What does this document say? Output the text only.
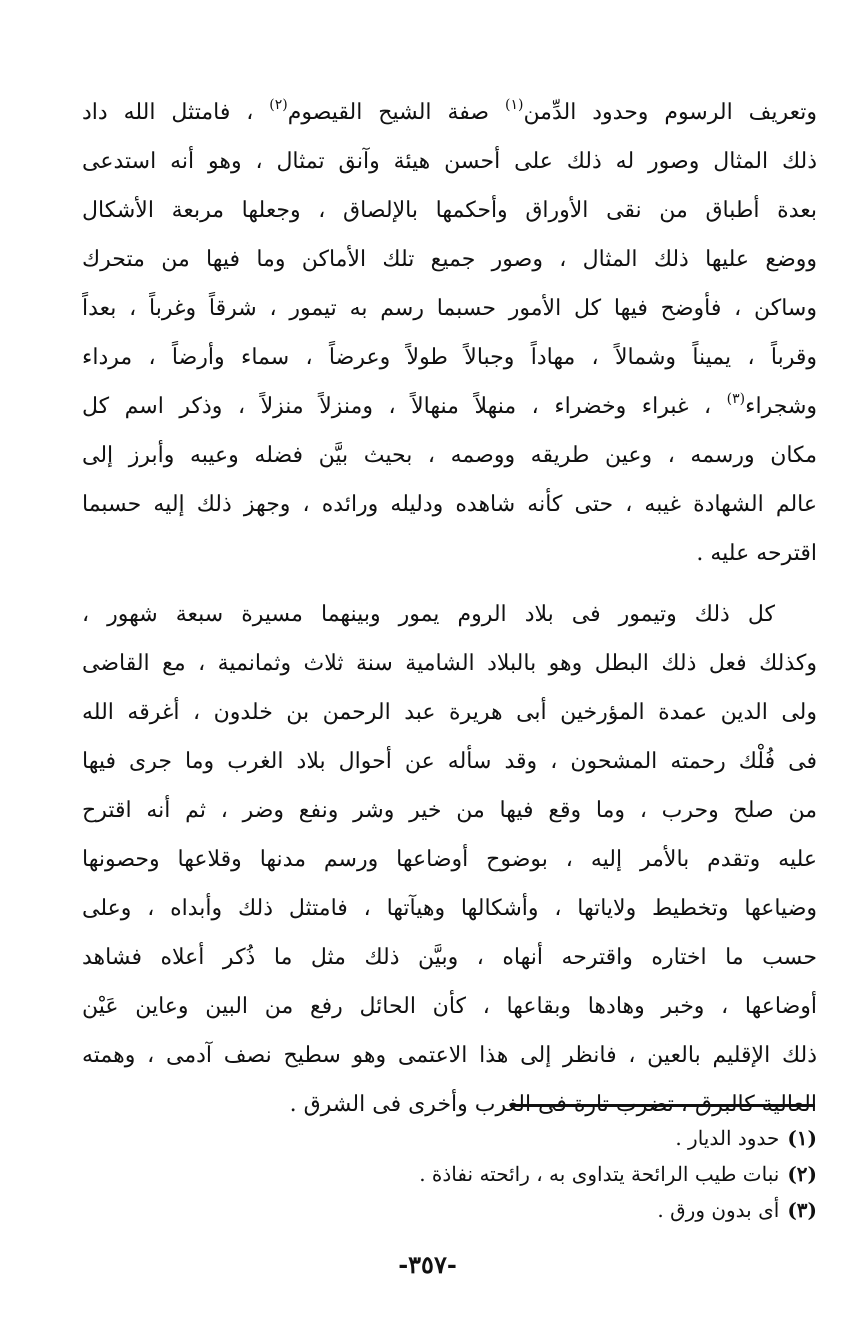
وتعريف الرسوم وحدود الدِّمن$^{(١)}$ صفة الشيح القيصوم$^{(٢)}$ ، فامتثل الله داد
ذلك المثال وصور له ذلك على أحسن هيئة وآنق تمثال ، وهو أنه استدعى
بعدة أطباق من نقى الأوراق وأحكمها بالإلصاق ، وجعلها مربعة الأشكال
ووضع عليها ذلك المثال ، وصور جميع تلك الأماكن وما فيها من متحرك
وساكن ، فأوضح فيها كل الأمور حسبما رسم به تيمور ، شرقاً وغرباً ، بعداً
وقرباً ، يميناً وشمالاً ، مهاداً وجبالاً طولاً وعرضاً ، سماء وأرضاً ، مرداء
وشجراء$^{(٣)}$ ، غبراء وخضراء ، منهلاً منهالاً ، ومنزلاً منزلاً ، وذكر اسم كل
مكان ورسمه ، وعين طريقه ووصمه ، بحيث بيَّن فضله وعيبه وأبرز إلى
عالم الشهادة غيبه ، حتى كأنه شاهده ودليله ورائده ، وجهز ذلك إليه حسبما
اقترحه عليه .
كل ذلك وتيمور فى بلاد الروم يمور وبينهما مسيرة سبعة شهور ،
وكذلك فعل ذلك البطل وهو بالبلاد الشامية سنة ثلاث وثمانمية ، مع القاضى
ولى الدين عمدة المؤرخين أبى هريرة عبد الرحمن بن خلدون ، أغرقه الله
فى فُلْك رحمته المشحون ، وقد سأله عن أحوال بلاد الغرب وما جرى فيها
من صلح وحرب ، وما وقع فيها من خير وشر ونفع وضر ، ثم أنه اقترح
عليه وتقدم بالأمر إليه ، بوضوح أوضاعها ورسم مدنها وقلاعها وحصونها
وضياعها وتخطيط ولاياتها ، وأشكالها وهيآتها ، فامتثل ذلك وأبداه ، وعلى
حسب ما اختاره واقترحه أنهاه ، وبيَّن ذلك مثل ما ذُكر أعلاه فشاهد
أوضاعها ، وخبر وهادها وبقاعها ، كأن الحائل رفع من البين وعاين عَيْن
ذلك الإقليم بالعين ، فانظر إلى هذا الاعتمى وهو سطيح نصف آدمى ، وهمته
العالية كالبرق ، تضرب تارة فى الغرب وأخرى فى الشرق .
(١)حدود الديار .
(٢)نبات طيب الرائحة يتداوى به ، رائحته نفاذة .
(٣)أى بدون ورق .
-٣٥٧-
